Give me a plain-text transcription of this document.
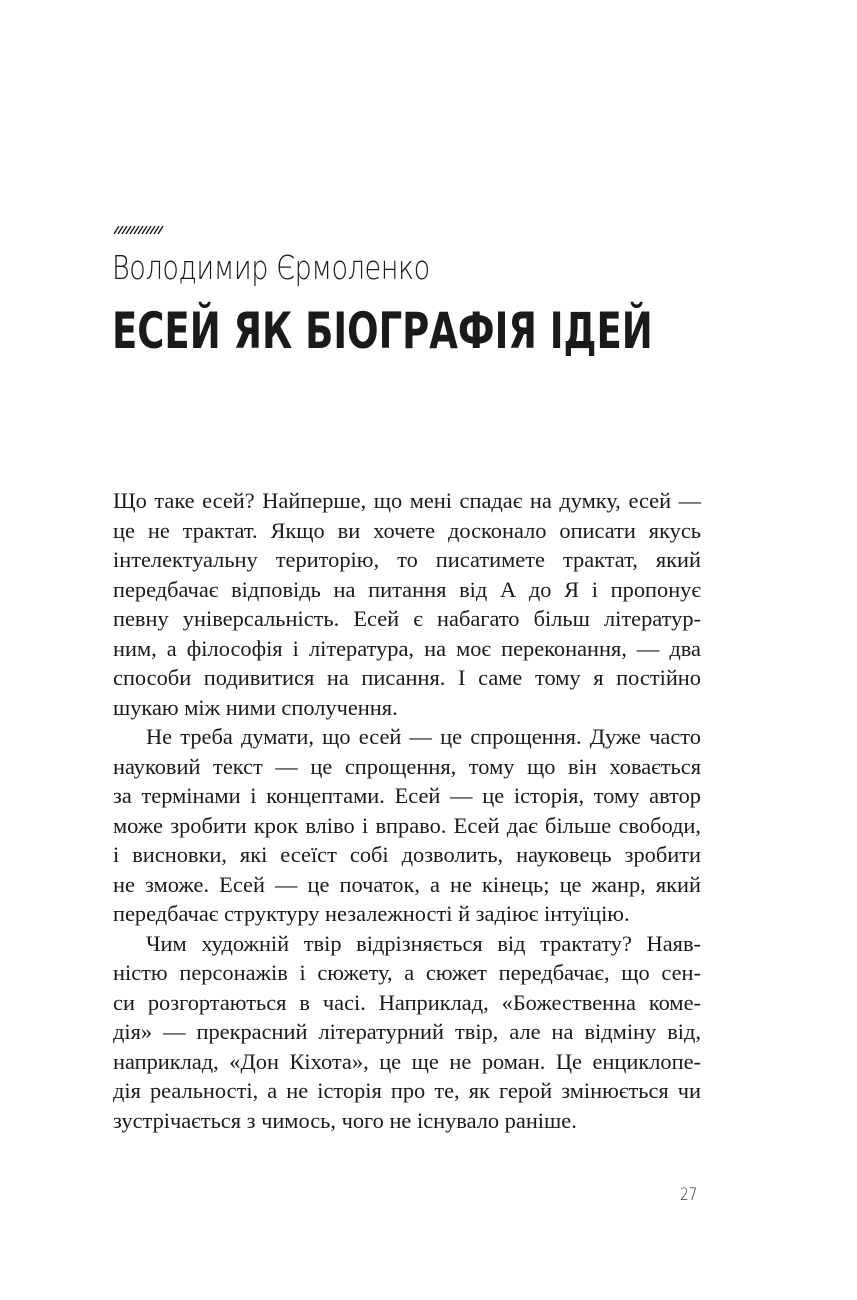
Володимир Єрмоленко
ЕСЕЙ ЯК БІОГРАФІЯ ІДЕЙ
Що таке есей? Найперше, що мені спадає на думку, есей —
це не трактат. Якщо ви хочете досконало описати якусь
інтелектуальну територію, то писатимете трактат, який
передбачає відповідь на питання від А до Я і пропонує
певну універсальність. Есей є набагато більш літератур-
ним, а філософія і література, на моє переконання, — два
способи подивитися на писання. І саме тому я постійно
шукаю між ними сполучення.
Не треба думати, що есей — це спрощення. Дуже часто
науковий текст — це спрощення, тому що він ховається
за термінами і концептами. Есей — це історія, тому автор
може зробити крок вліво і вправо. Есей дає більше свободи,
і висновки, які есеїст собі дозволить, науковець зробити
не зможе. Есей — це початок, а не кінець; це жанр, який
передбачає структуру незалежності й задіює інтуїцію.
Чим художній твір відрізняється від трактату? Наяв-
ністю персонажів і сюжету, а сюжет передбачає, що сен-
си розгортаються в часі. Наприклад, «Божественна коме-
дія» — прекрасний літературний твір, але на відміну від,
наприклад, «Дон Кіхота», це ще не роман. Це енциклопе-
дія реальності, а не історія про те, як герой змінюється чи
зустрічається з чимось, чого не існувало раніше.
27
